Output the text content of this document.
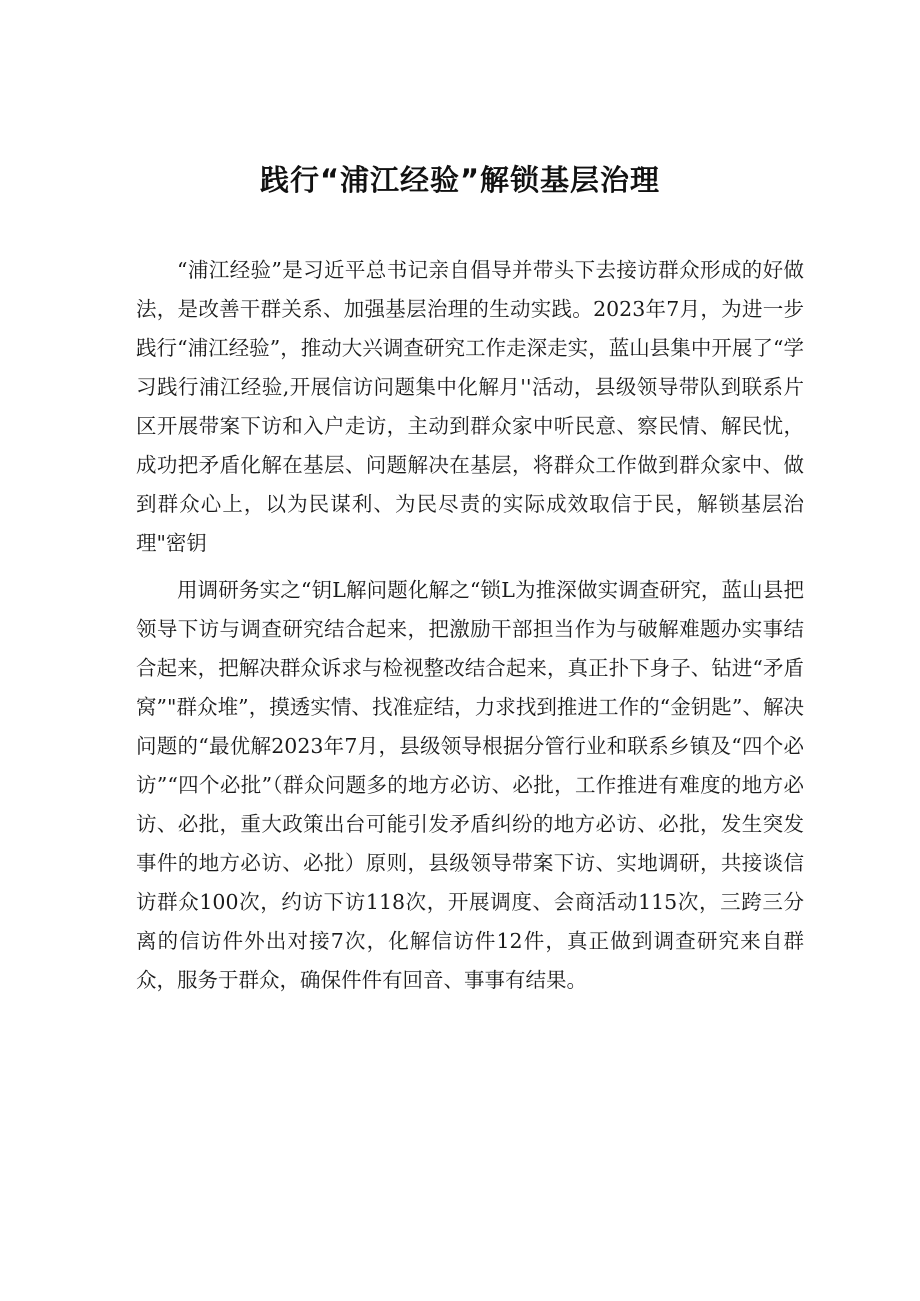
践行“浦江经验”解锁基层治理

“浦江经验”是习近平总书记亲自倡导并带头下去接访群众形成的好做法，是改善干群关系、加强基层治理的生动实践。2023年7月，为进一步践行“浦江经验”，推动大兴调查研究工作走深走实，蓝山县集中开展了“学习践行浦江经验,开展信访问题集中化解月''活动，县级领导带队到联系片区开展带案下访和入户走访，主动到群众家中听民意、察民情、解民忧，成功把矛盾化解在基层、问题解决在基层，将群众工作做到群众家中、做到群众心上，以为民谋利、为民尽责的实际成效取信于民，解锁基层治理"密钥

用调研务实之“钥L解问题化解之“锁L为推深做实调查研究，蓝山县把领导下访与调查研究结合起来，把激励干部担当作为与破解难题办实事结合起来，把解决群众诉求与检视整改结合起来，真正扑下身子、钻进“矛盾窝”"群众堆”，摸透实情、找准症结，力求找到推进工作的“金钥匙”、解决问题的“最优解2023年7月，县级领导根据分管行业和联系乡镇及“四个必访”“四个必批”（群众问题多的地方必访、必批，工作推进有难度的地方必访、必批，重大政策出台可能引发矛盾纠纷的地方必访、必批，发生突发事件的地方必访、必批）原则，县级领导带案下访、实地调研，共接谈信访群众100次，约访下访118次，开展调度、会商活动115次，三跨三分离的信访件外出对接7次，化解信访件12件，真正做到调查研究来自群众，服务于群众，确保件件有回音、事事有结果。
